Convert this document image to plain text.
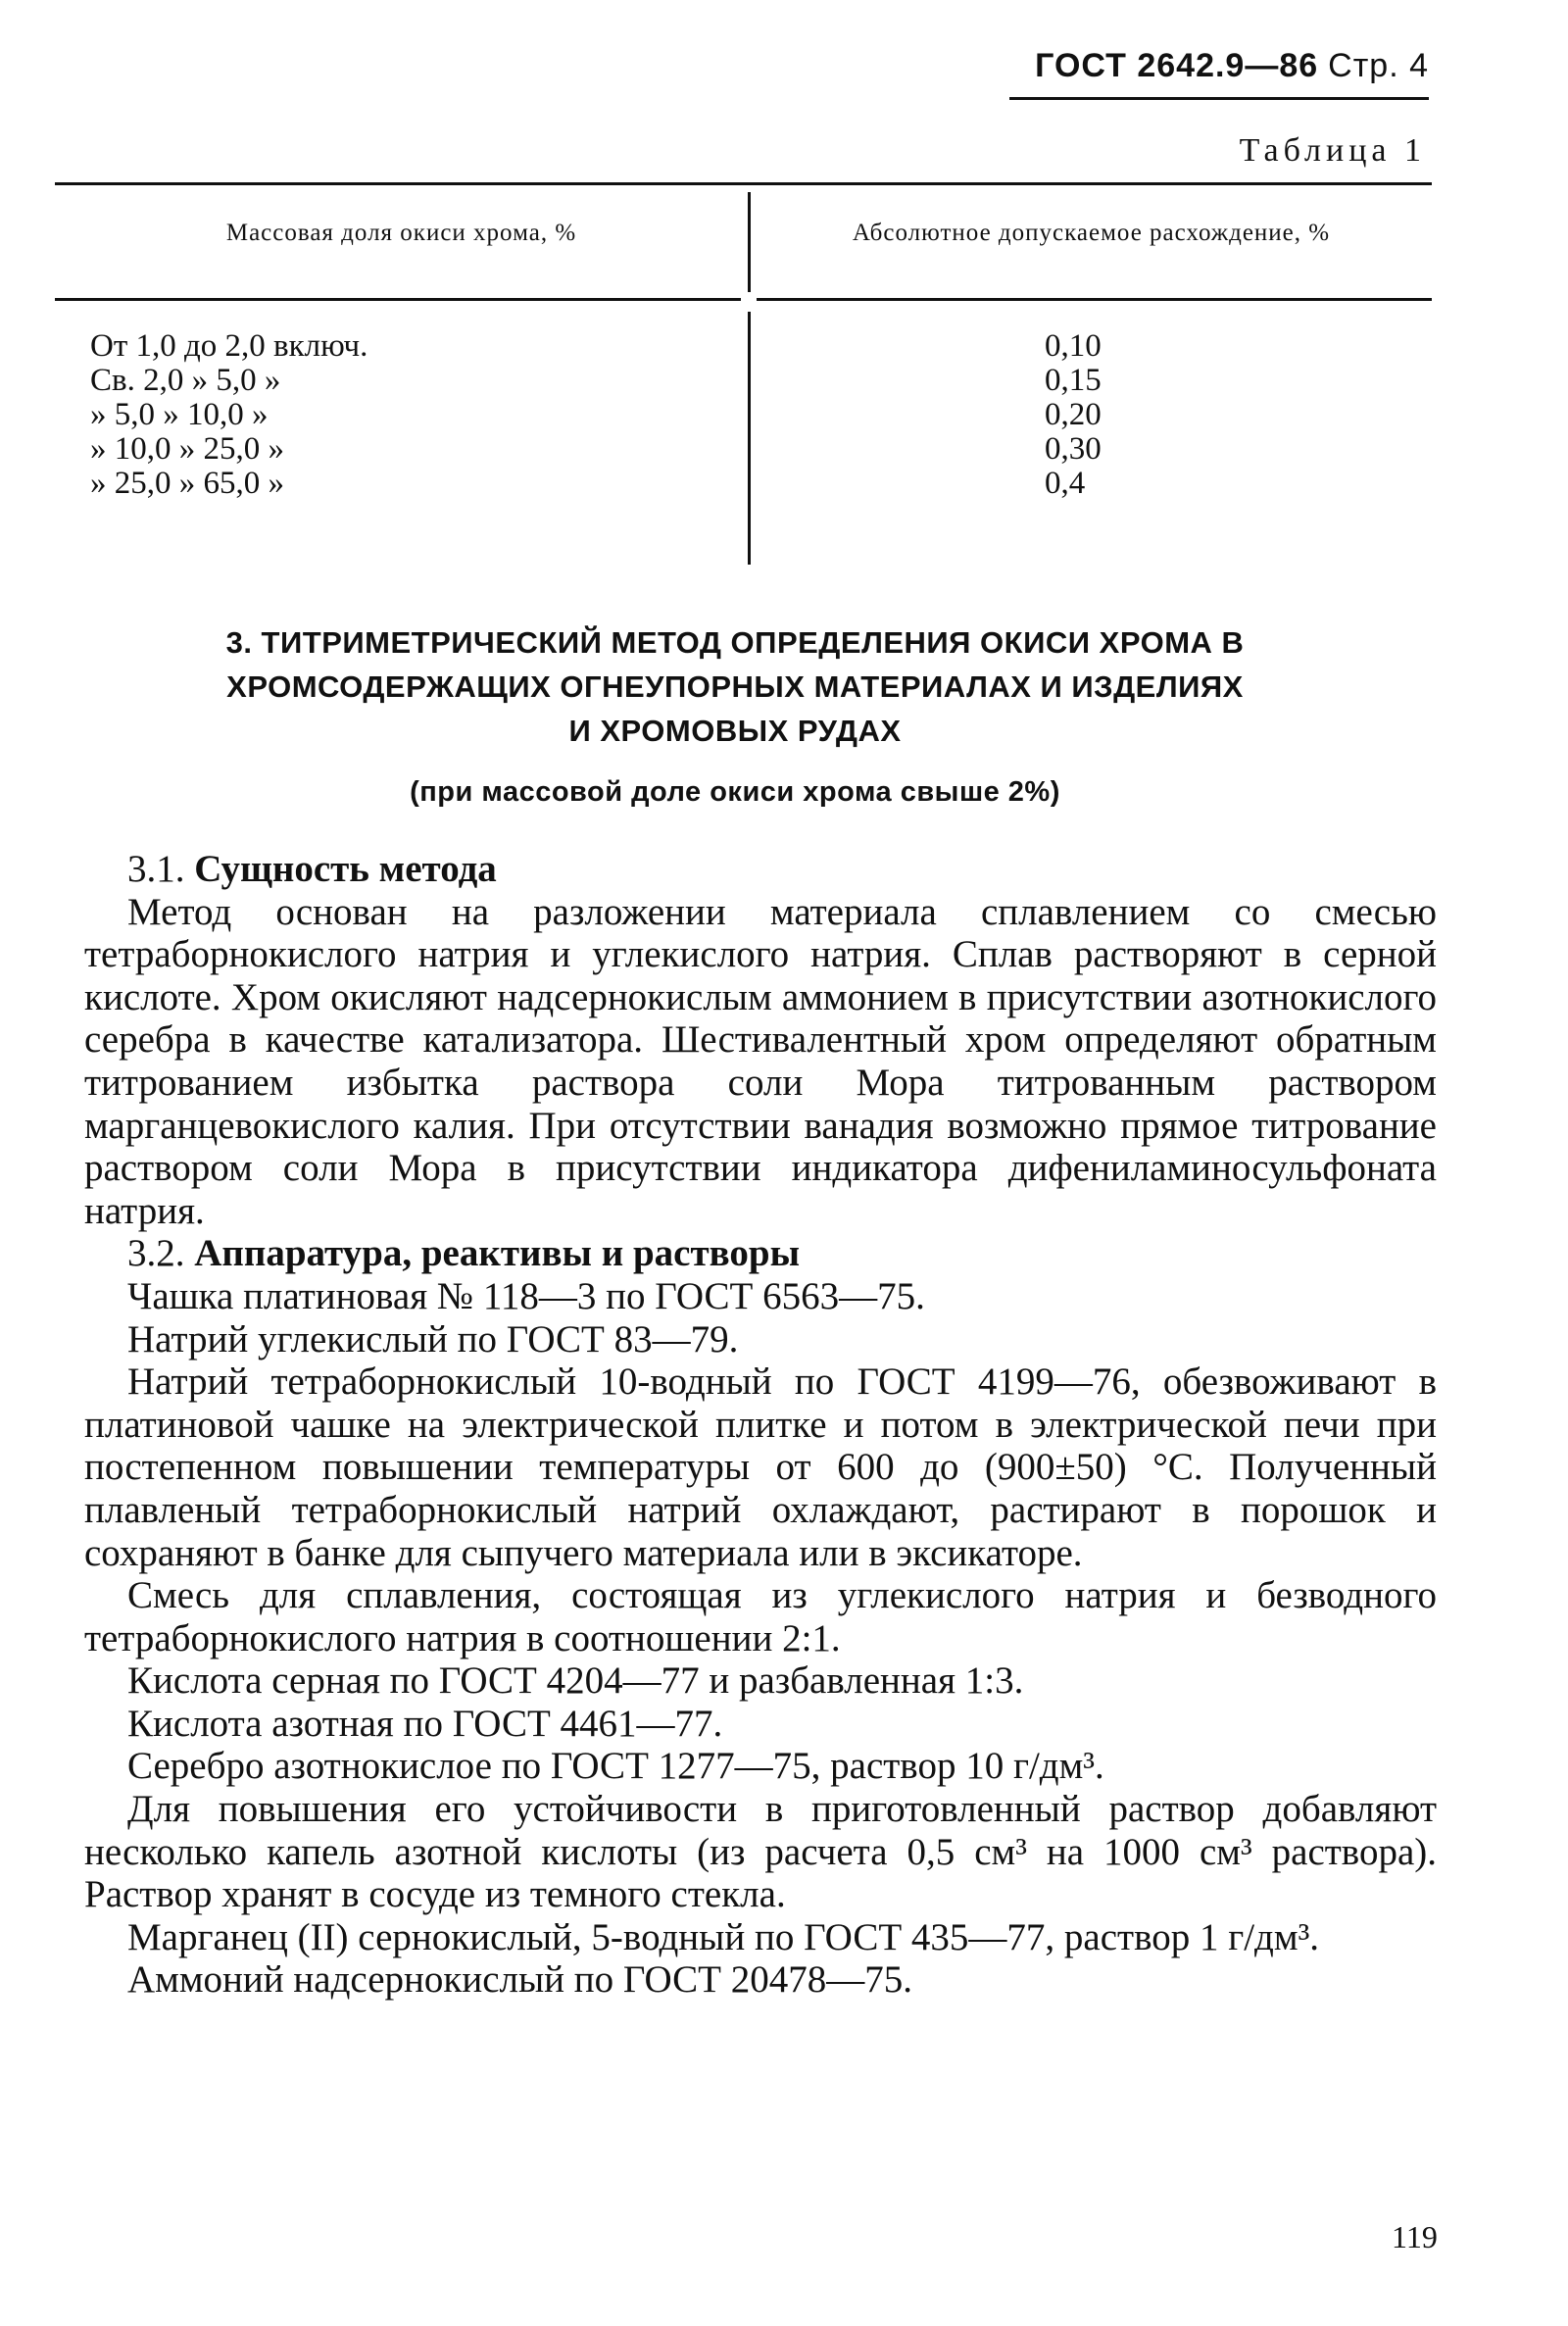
ГОСТ 2642.9—86 Стр. 4
Таблица 1
Массовая доля окиси хрома, %	Абсолютное допускаемое расхождение, %
От 1,0 до 2,0 включ.
Св. 2,0 » 5,0 »
» 5,0 » 10,0 »
» 10,0 » 25,0 »
» 25,0 » 65,0 »
0,10
0,15
0,20
0,30
0,4
3. ТИТРИМЕТРИЧЕСКИЙ МЕТОД ОПРЕДЕЛЕНИЯ ОКИСИ ХРОМА В
ХРОМСОДЕРЖАЩИХ ОГНЕУПОРНЫХ МАТЕРИАЛАХ И ИЗДЕЛИЯХ
И ХРОМОВЫХ РУДАХ
(при массовой доле окиси хрома свыше 2%)

3.1. Сущность метода

Метод основан на разложении материала сплавлением со смесью тетраборнокислого натрия и углекислого натрия. Сплав растворяют в серной кислоте. Хром окисляют надсернокислым аммонием в присутствии азотнокислого серебра в качестве катализатора. Шестивалентный хром определяют обратным титрованием избытка раствора соли Мора титрованным раствором марганцевокислого калия. При отсутствии ванадия возможно прямое титрование раствором соли Мора в присутствии индикатора дифениламиносульфоната натрия.

3.2. Аппаратура, реактивы и растворы

Чашка платиновая № 118—3 по ГОСТ 6563—75.

Натрий углекислый по ГОСТ 83—79.

Натрий тетраборнокислый 10-водный по ГОСТ 4199—76, обезвоживают в платиновой чашке на электрической плитке и потом в электрической печи при постепенном повышении температуры от 600 до (900±50) °С. Полученный плавленый тетраборнокислый натрий охлаждают, растирают в порошок и сохраняют в банке для сыпучего материала или в эксикаторе.

Смесь для сплавления, состоящая из углекислого натрия и безводного тетраборнокислого натрия в соотношении 2:1.

Кислота серная по ГОСТ 4204—77 и разбавленная 1:3.

Кислота азотная по ГОСТ 4461—77.

Серебро азотнокислое по ГОСТ 1277—75, раствор 10 г/дм³.

Для повышения его устойчивости в приготовленный раствор добавляют несколько капель азотной кислоты (из расчета 0,5 см³ на 1000 см³ раствора). Раствор хранят в сосуде из темного стекла.

Марганец (II) сернокислый, 5-водный по ГОСТ 435—77, раствор 1 г/дм³.

Аммоний надсернокислый по ГОСТ 20478—75.

119
